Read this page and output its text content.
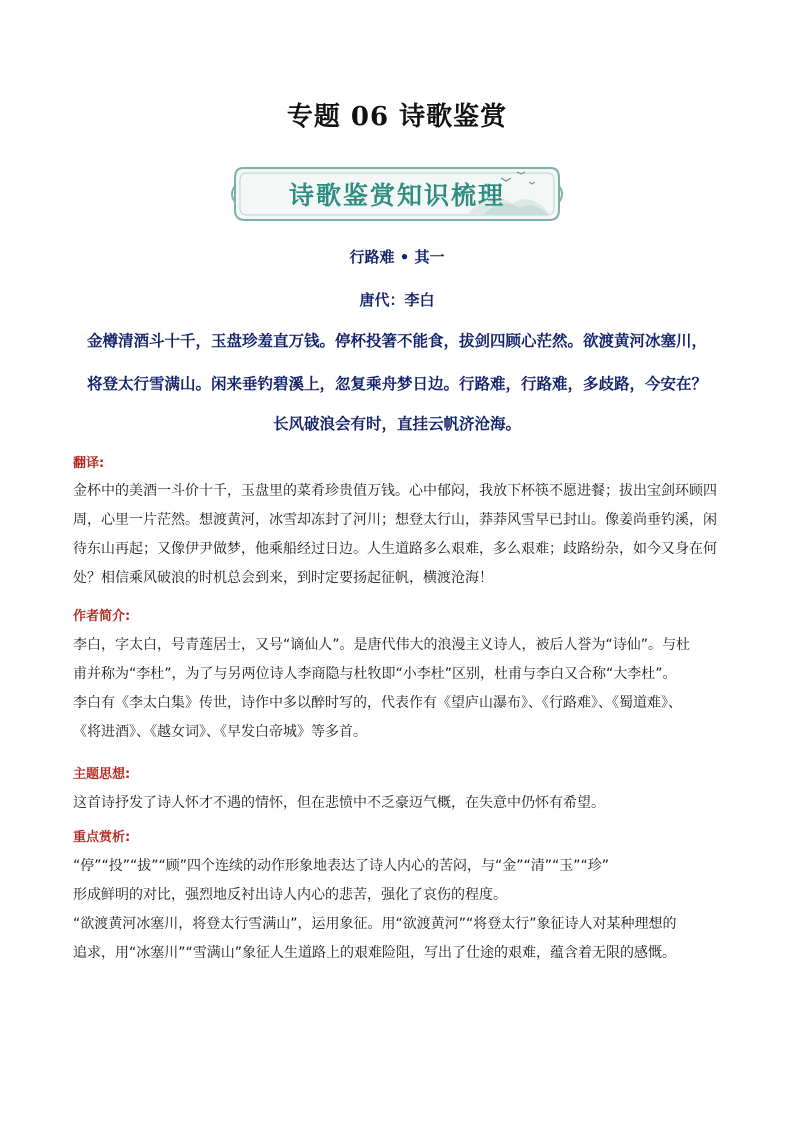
专题 06 诗歌鉴赏
诗歌鉴赏知识梳理
行路难 • 其一
唐代：李白
金樽清酒斗十千，玉盘珍羞直万钱。停杯投箸不能食，拔剑四顾心茫然。欲渡黄河冰塞川，
将登太行雪满山。闲来垂钓碧溪上，忽复乘舟梦日边。行路难，行路难，多歧路，今安在？
长风破浪会有时，直挂云帆济沧海。
翻译:
金杯中的美酒一斗价十千，玉盘里的菜肴珍贵值万钱。心中郁闷，我放下杯筷不愿进餐；拔出宝剑环顾四
周，心里一片茫然。想渡黄河，冰雪却冻封了河川；想登太行山，莽莽风雪早已封山。像姜尚垂钓溪，闲
待东山再起；又像伊尹做梦，他乘船经过日边。人生道路多么艰难，多么艰难；歧路纷杂，如今又身在何
处？相信乘风破浪的时机总会到来，到时定要扬起征帆，横渡沧海！
作者简介:
李白，字太白，号青莲居士，又号“谪仙人”。是唐代伟大的浪漫主义诗人，被后人誉为“诗仙”。与杜
甫并称为“李杜”，为了与另两位诗人李商隐与杜牧即“小李杜”区别，杜甫与李白又合称“大李杜”。
李白有《李太白集》传世，诗作中多以醉时写的，代表作有《望庐山瀑布》、《行路难》、《蜀道难》、
《将进酒》、《越女词》、《早发白帝城》等多首。
主题思想:
这首诗抒发了诗人怀才不遇的情怀，但在悲愤中不乏豪迈气概，在失意中仍怀有希望。
重点赏析:
“停”“投”“拔”“顾”四个连续的动作形象地表达了诗人内心的苦闷，与“金”“清”“玉”“珍”
形成鲜明的对比，强烈地反衬出诗人内心的悲苦，强化了哀伤的程度。
“欲渡黄河冰塞川，将登太行雪满山”，运用象征。用“欲渡黄河”“将登太行”象征诗人对某种理想的
追求，用“冰塞川”“雪满山”象征人生道路上的艰难险阻，写出了仕途的艰难，蕴含着无限的感慨。
